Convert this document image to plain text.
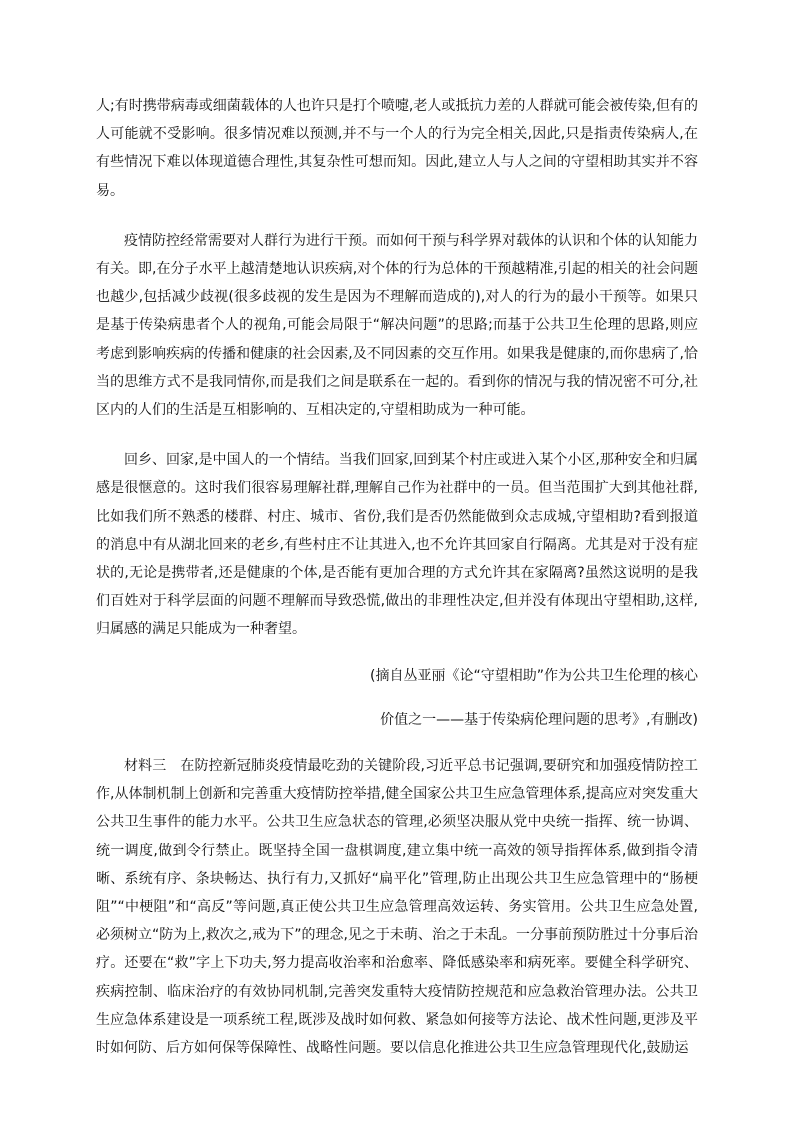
人;有时携带病毒或细菌载体的人也许只是打个喷嚏,老人或抵抗力差的人群就可能会被传染,但有的人可能就不受影响。很多情况难以预测,并不与一个人的行为完全相关,因此,只是指责传染病人,在有些情况下难以体现道德合理性,其复杂性可想而知。因此,建立人与人之间的守望相助其实并不容易。

疫情防控经常需要对人群行为进行干预。而如何干预与科学界对载体的认识和个体的认知能力有关。即,在分子水平上越清楚地认识疾病,对个体的行为总体的干预越精准,引起的相关的社会问题也越少,包括减少歧视(很多歧视的发生是因为不理解而造成的),对人的行为的最小干预等。如果只是基于传染病患者个人的视角,可能会局限于“解决问题”的思路;而基于公共卫生伦理的思路,则应考虑到影响疾病的传播和健康的社会因素,及不同因素的交互作用。如果我是健康的,而你患病了,恰当的思维方式不是我同情你,而是我们之间是联系在一起的。看到你的情况与我的情况密不可分,社区内的人们的生活是互相影响的、互相决定的,守望相助成为一种可能。

回乡、回家,是中国人的一个情结。当我们回家,回到某个村庄或进入某个小区,那种安全和归属感是很惬意的。这时我们很容易理解社群,理解自己作为社群中的一员。但当范围扩大到其他社群,比如我们所不熟悉的楼群、村庄、城市、省份,我们是否仍然能做到众志成城,守望相助?看到报道的消息中有从湖北回来的老乡,有些村庄不让其进入,也不允许其回家自行隔离。尤其是对于没有症状的,无论是携带者,还是健康的个体,是否能有更加合理的方式允许其在家隔离?虽然这说明的是我们百姓对于科学层面的问题不理解而导致恐慌,做出的非理性决定,但并没有体现出守望相助,这样,归属感的满足只能成为一种奢望。

(摘自丛亚丽《论“守望相助”作为公共卫生伦理的核心

价值之一——基于传染病伦理问题的思考》,有删改)

材料三 在防控新冠肺炎疫情最吃劲的关键阶段,习近平总书记强调,要研究和加强疫情防控工作,从体制机制上创新和完善重大疫情防控举措,健全国家公共卫生应急管理体系,提高应对突发重大公共卫生事件的能力水平。公共卫生应急状态的管理,必须坚决服从党中央统一指挥、统一协调、统一调度,做到令行禁止。既坚持全国一盘棋调度,建立集中统一高效的领导指挥体系,做到指令清晰、系统有序、条块畅达、执行有力,又抓好“扁平化”管理,防止出现公共卫生应急管理中的“肠梗阻”“中梗阻”和“高反”等问题,真正使公共卫生应急管理高效运转、务实管用。公共卫生应急处置,必须树立“防为上,救次之,戒为下”的理念,见之于未萌、治之于未乱。一分事前预防胜过十分事后治疗。还要在“救”字上下功夫,努力提高收治率和治愈率、降低感染率和病死率。要健全科学研究、疾病控制、临床治疗的有效协同机制,完善突发重特大疫情防控规范和应急救治管理办法。公共卫生应急体系建设是一项系统工程,既涉及战时如何救、紧急如何接等方法论、战术性问题,更涉及平时如何防、后方如何保等保障性、战略性问题。要以信息化推进公共卫生应急管理现代化,鼓励运
